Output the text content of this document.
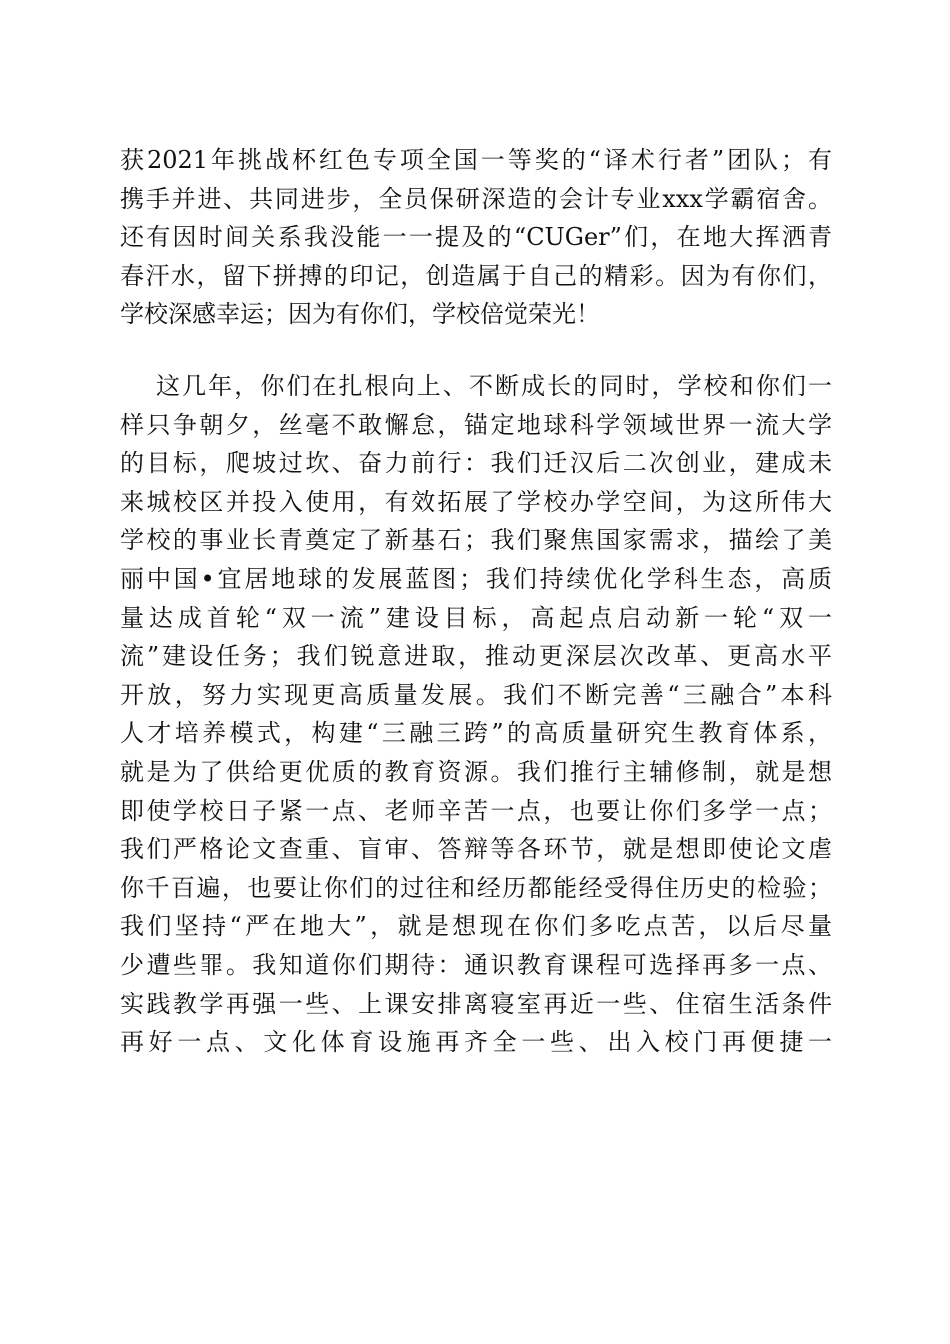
获2021年挑战杯红色专项全国一等奖的“译术行者”团队；有
携手并进、共同进步，全员保研深造的会计专业xxx学霸宿舍。
还有因时间关系我没能一一提及的“CUGer”们，在地大挥洒青
春汗水，留下拼搏的印记，创造属于自己的精彩。因为有你们，
学校深感幸运；因为有你们，学校倍觉荣光！
这几年，你们在扎根向上、不断成长的同时，学校和你们一
样只争朝夕，丝毫不敢懈怠，锚定地球科学领域世界一流大学
的目标，爬坡过坎、奋力前行：我们迁汉后二次创业，建成未
来城校区并投入使用，有效拓展了学校办学空间，为这所伟大
学校的事业长青奠定了新基石；我们聚焦国家需求，描绘了美
丽中国•宜居地球的发展蓝图；我们持续优化学科生态，高质
量达成首轮“双一流”建设目标，高起点启动新一轮“双一
流”建设任务；我们锐意进取，推动更深层次改革、更高水平
开放，努力实现更高质量发展。我们不断完善“三融合”本科
人才培养模式，构建“三融三跨”的高质量研究生教育体系，
就是为了供给更优质的教育资源。我们推行主辅修制，就是想
即使学校日子紧一点、老师辛苦一点，也要让你们多学一点；
我们严格论文查重、盲审、答辩等各环节，就是想即使论文虐
你千百遍，也要让你们的过往和经历都能经受得住历史的检验；
我们坚持“严在地大”，就是想现在你们多吃点苦，以后尽量
少遭些罪。我知道你们期待：通识教育课程可选择再多一点、
实践教学再强一些、上课安排离寝室再近一些、住宿生活条件
再好一点、文化体育设施再齐全一些、出入校门再便捷一
